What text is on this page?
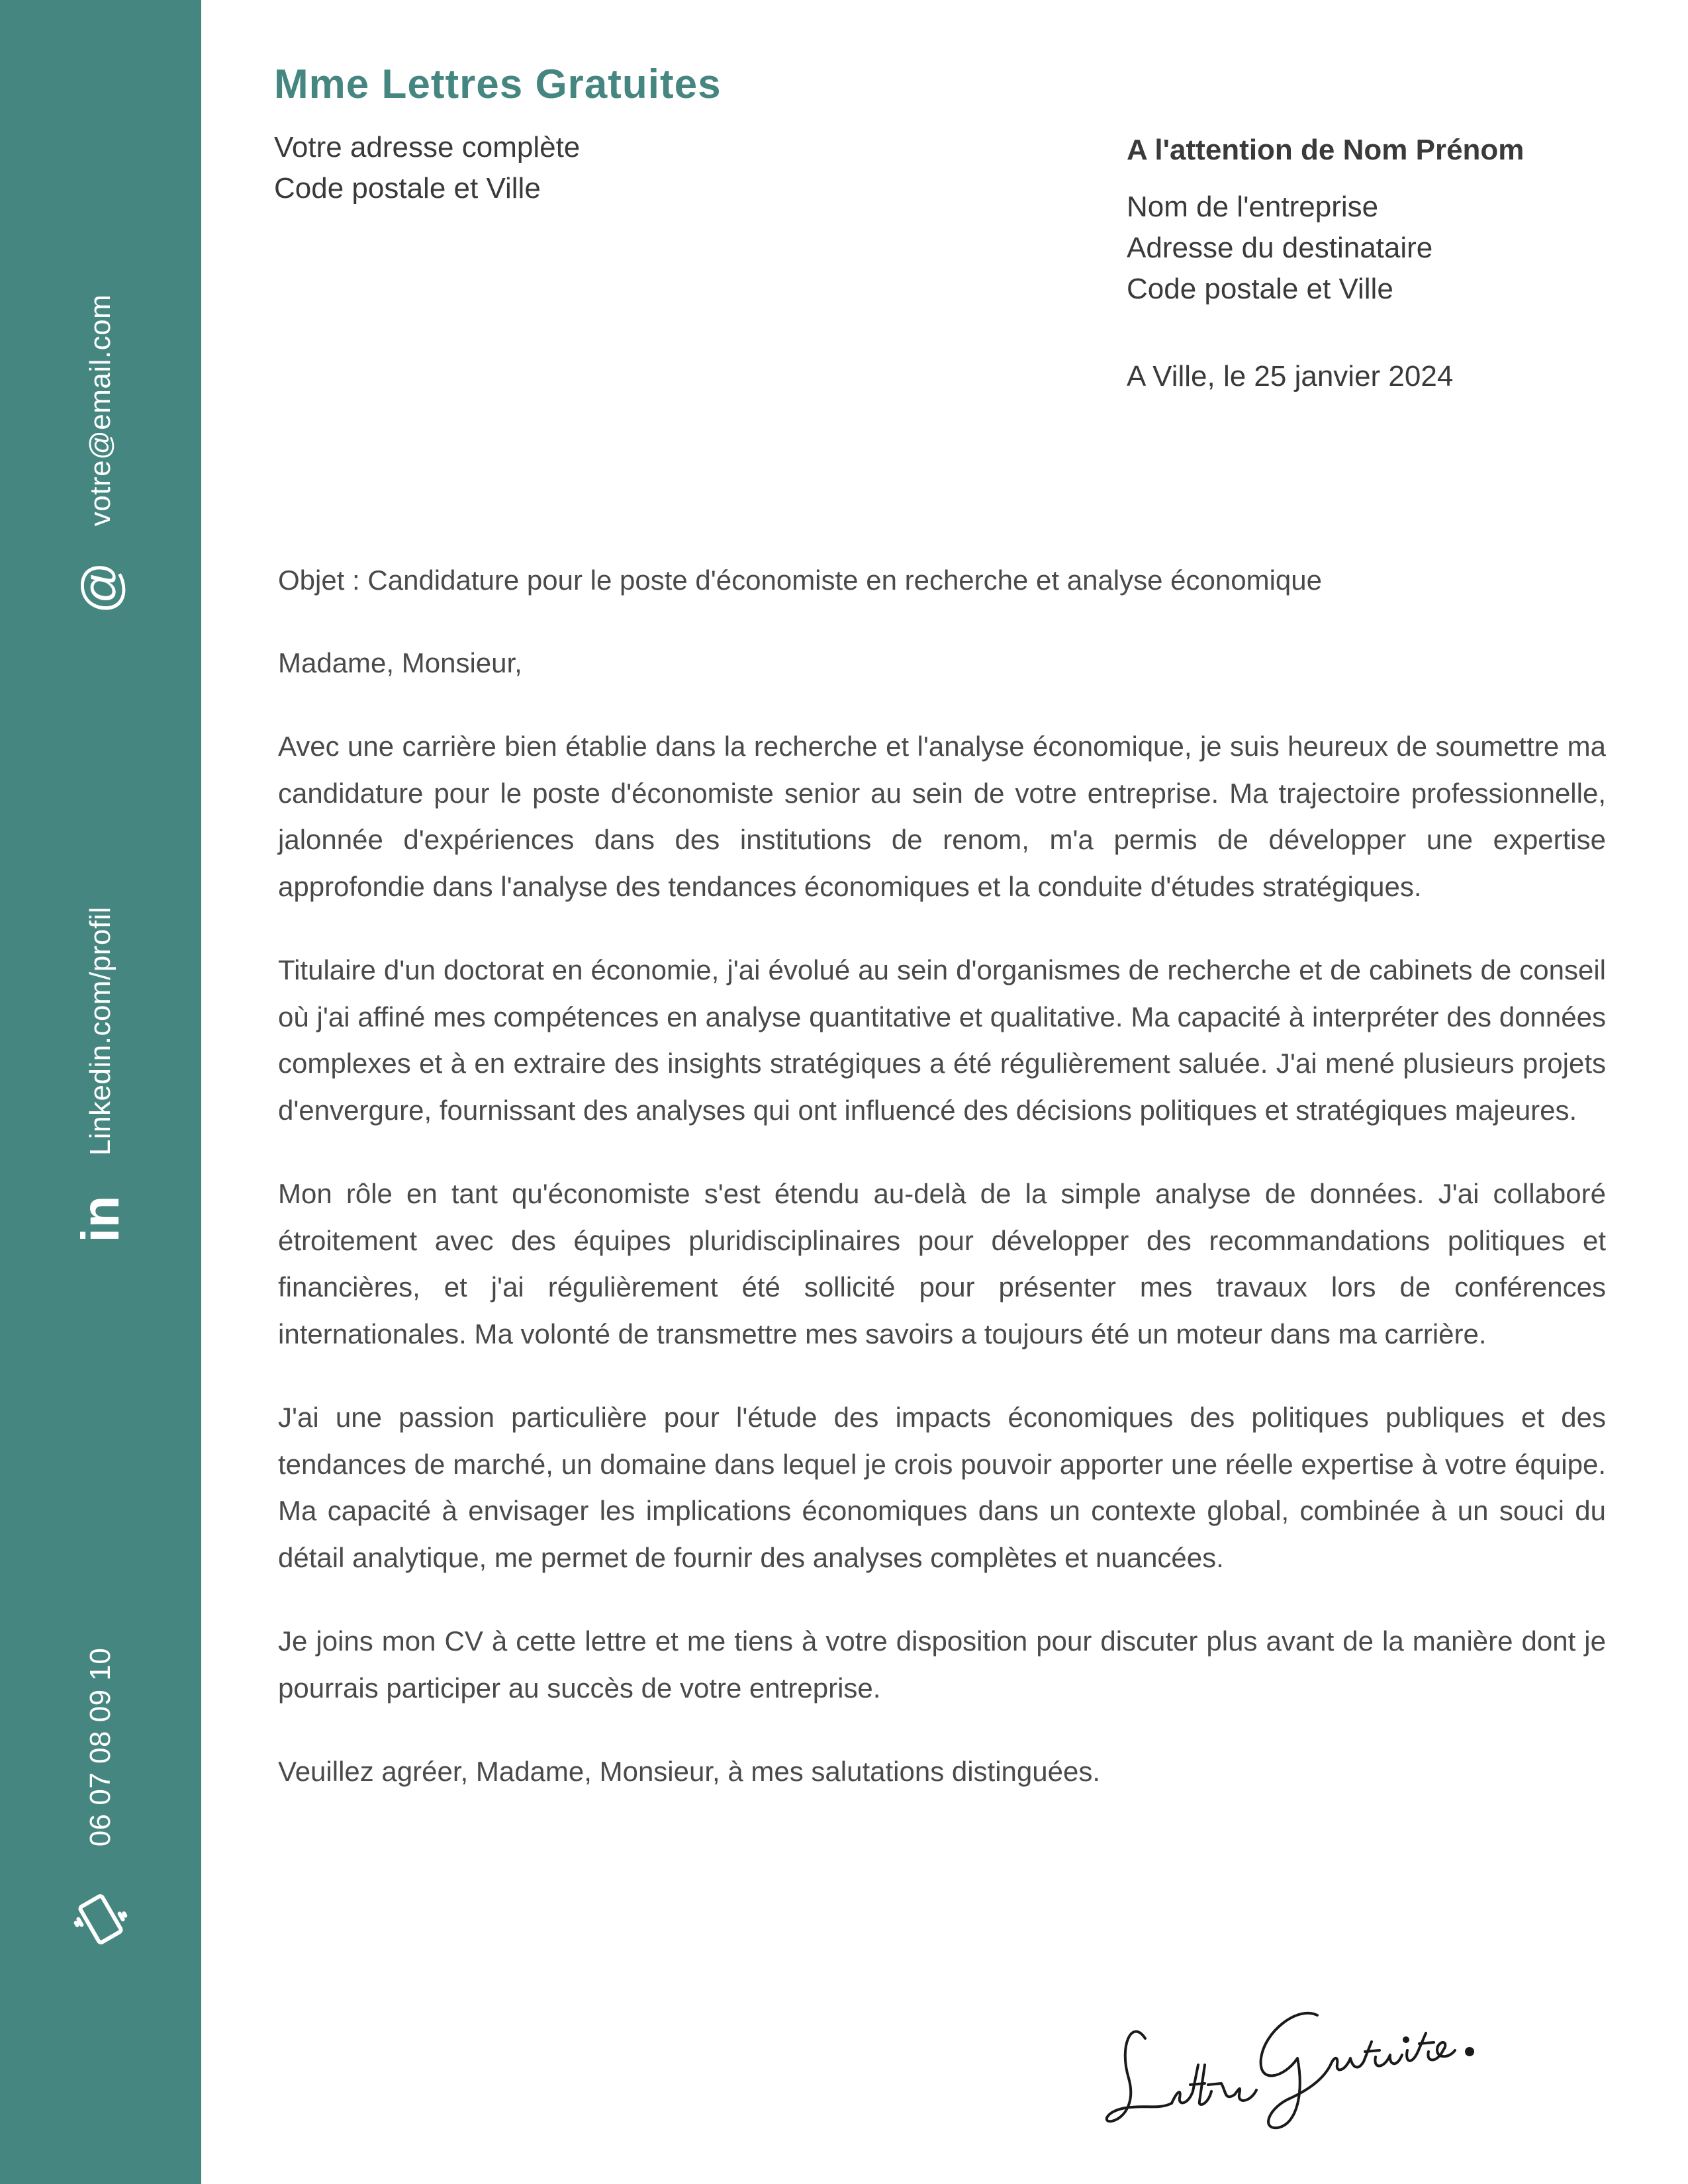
votre@email.com
@
Linkedin.com/profil
in
06 07 08 09 10
Mme Lettres Gratuites
Votre adresse complète
Code postale et Ville
A l'attention de Nom Prénom
Nom de l'entreprise
Adresse du destinataire
Code postale et Ville
A Ville, le 25 janvier 2024

Objet : Candidature pour le poste d'économiste en recherche et analyse économique

Madame, Monsieur,

Avec une carrière bien établie dans la recherche et l'analyse économique, je suis heureux de soumettre ma candidature pour le poste d'économiste senior au sein de votre entreprise. Ma trajectoire professionnelle, jalonnée d'expériences dans des institutions de renom, m'a permis de développer une expertise approfondie dans l'analyse des tendances économiques et la conduite d'études stratégiques.

Titulaire d'un doctorat en économie, j'ai évolué au sein d'organismes de recherche et de cabinets de conseil où j'ai affiné mes compétences en analyse quantitative et qualitative. Ma capacité à interpréter des données complexes et à en extraire des insights stratégiques a été régulièrement saluée. J'ai mené plusieurs projets d'envergure, fournissant des analyses qui ont influencé des décisions politiques et stratégiques majeures.

Mon rôle en tant qu'économiste s'est étendu au-delà de la simple analyse de données. J'ai collaboré étroitement avec des équipes pluridisciplinaires pour développer des recommandations politiques et financières, et j'ai régulièrement été sollicité pour présenter mes travaux lors de conférences internationales. Ma volonté de transmettre mes savoirs a toujours été un moteur dans ma carrière.

J'ai une passion particulière pour l'étude des impacts économiques des politiques publiques et des tendances de marché, un domaine dans lequel je crois pouvoir apporter une réelle expertise à votre équipe. Ma capacité à envisager les implications économiques dans un contexte global, combinée à un souci du détail analytique, me permet de fournir des analyses complètes et nuancées.

Je joins mon CV à cette lettre et me tiens à votre disposition pour discuter plus avant de la manière dont je pourrais participer au succès de votre entreprise.

Veuillez agréer, Madame, Monsieur, à mes salutations distinguées.
